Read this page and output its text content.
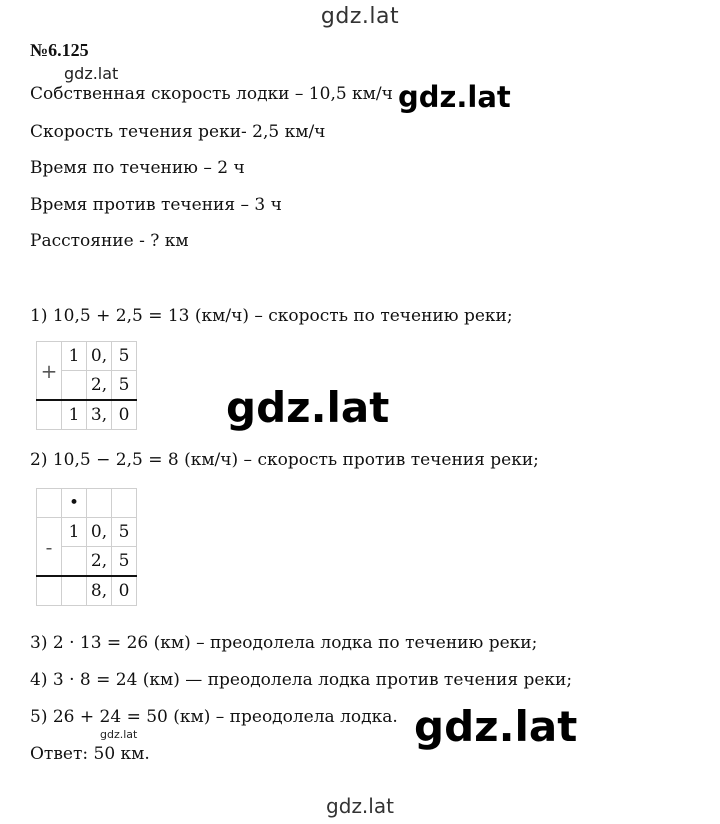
gdz.lat
№6.125
gdz.lat
Собственная скорость лодки – 10,5 км/ч gdz.lat
Скорость течения реки- 2,5 км/ч
Время по течению – 2 ч
Время против течения – 3 ч
Расстояние - ? км
1) 10,5 + 2,5 = 13 (км/ч) – скорость по течению реки;
+	1	0,	5
		2,	5
	1	3,	0 gdz.lat
2) 10,5 − 2,5 = 8 (км/ч) – скорость против течения реки;
	•		
-	1	0,	5
		2,	5
		8,	0
3) 2 · 13 = 26 (км) – преодолела лодка по течению реки;
4) 3 · 8 = 24 (км) — преодолела лодка против течения реки;
5) 26 + 24 = 50 (км) – преодолела лодка.
gdz.lat	gdz.lat
Ответ: 50 км.
gdz.lat
